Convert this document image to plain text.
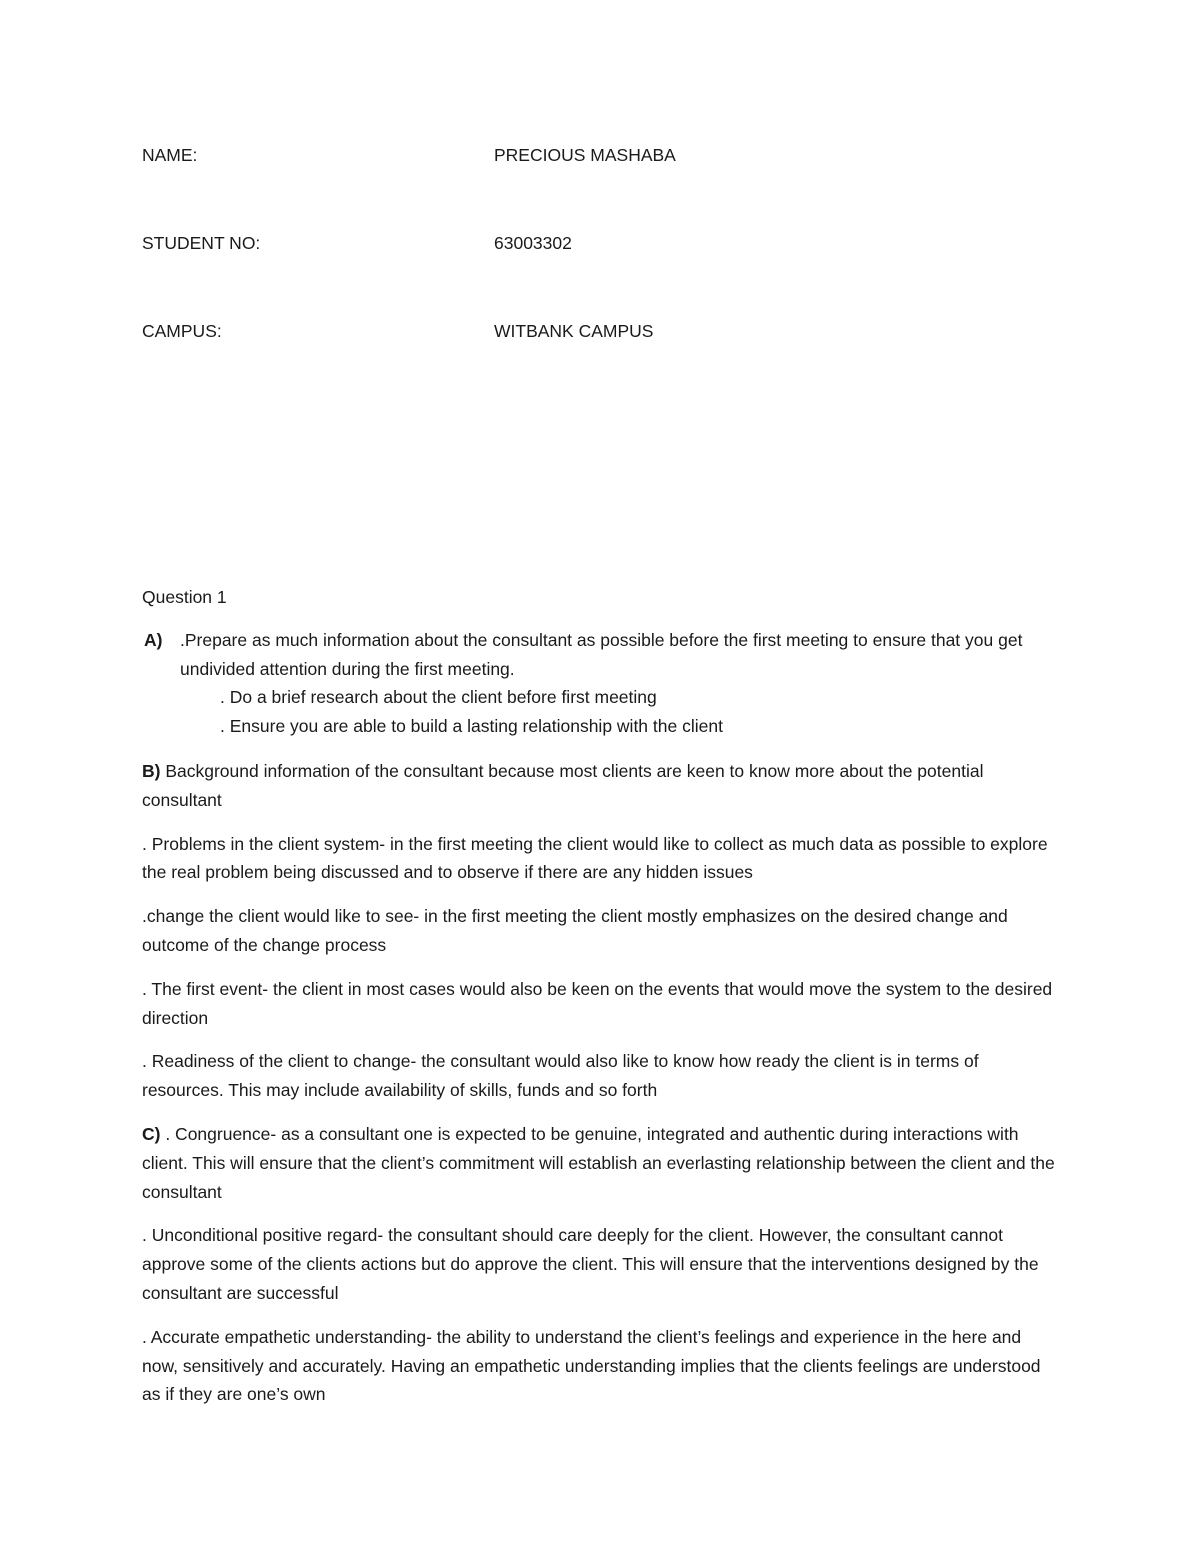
NAME:	PRECIOUS MASHABA
STUDENT NO:	63003302
CAMPUS:	WITBANK CAMPUS

Question 1

A) .Prepare as much information about the consultant as possible before the first meeting to ensure that you get undivided attention during the first meeting.

. Do a brief research about the client before first meeting
. Ensure you are able to build a lasting relationship with the client

B) Background information of the consultant because most clients are keen to know more about the potential consultant

. Problems in the client system- in the first meeting the client would like to collect as much data as possible to explore the real problem being discussed and to observe if there are any hidden issues

.change the client would like to see- in the first meeting the client mostly emphasizes on the desired change and outcome of the change process

. The first event- the client in most cases would also be keen on the events that would move the system to the desired direction

. Readiness of the client to change- the consultant would also like to know how ready the client is in terms of resources. This may include availability of skills, funds and so forth

C) . Congruence- as a consultant one is expected to be genuine, integrated and authentic during interactions with client. This will ensure that the client’s commitment will establish an everlasting relationship between the client and the consultant

. Unconditional positive regard- the consultant should care deeply for the client. However, the consultant cannot approve some of the clients actions but do approve the client. This will ensure that the interventions designed by the consultant are successful

. Accurate empathetic understanding- the ability to understand the client’s feelings and experience in the here and now, sensitively and accurately. Having an empathetic understanding implies that the clients feelings are understood as if they are one’s own
